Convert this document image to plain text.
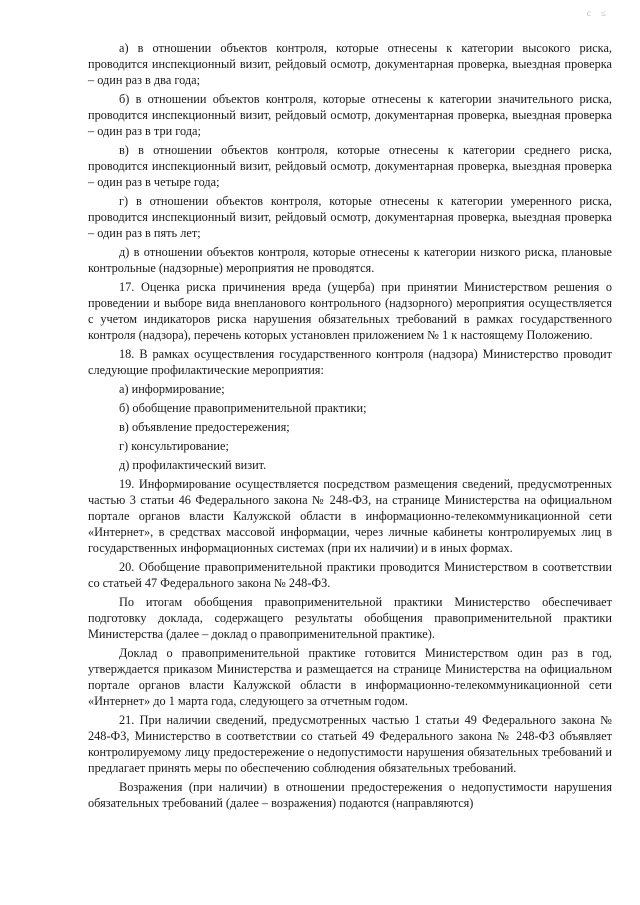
с ≤

а) в отношении объектов контроля, которые отнесены к категории высокого риска, проводится инспекционный визит, рейдовый осмотр, документарная проверка, выездная проверка – один раз в два года;

б) в отношении объектов контроля, которые отнесены к категории значительного риска, проводится инспекционный визит, рейдовый осмотр, документарная проверка, выездная проверка – один раз в три года;

в) в отношении объектов контроля, которые отнесены к категории среднего риска, проводится инспекционный визит, рейдовый осмотр, документарная проверка, выездная проверка – один раз в четыре года;

г) в отношении объектов контроля, которые отнесены к категории умеренного риска, проводится инспекционный визит, рейдовый осмотр, документарная проверка, выездная проверка – один раз в пять лет;

д) в отношении объектов контроля, которые отнесены к категории низкого риска, плановые контрольные (надзорные) мероприятия не проводятся.

17. Оценка риска причинения вреда (ущерба) при принятии Министерством решения о проведении и выборе вида внепланового контрольного (надзорного) мероприятия осуществляется с учетом индикаторов риска нарушения обязательных требований в рамках государственного контроля (надзора), перечень которых установлен приложением № 1 к настоящему Положению.

18. В рамках осуществления государственного контроля (надзора) Министерство проводит следующие профилактические мероприятия:

а) информирование;

б) обобщение правоприменительной практики;

в) объявление предостережения;

г) консультирование;

д) профилактический визит.

19. Информирование осуществляется посредством размещения сведений, предусмотренных частью 3 статьи 46 Федерального закона № 248-ФЗ, на странице Министерства на официальном портале органов власти Калужской области в информационно-телекоммуникационной сети «Интернет», в средствах массовой информации, через личные кабинеты контролируемых лиц в государственных информационных системах (при их наличии) и в иных формах.

20. Обобщение правоприменительной практики проводится Министерством в соответствии со статьей 47 Федерального закона № 248-ФЗ.

По итогам обобщения правоприменительной практики Министерство обеспечивает подготовку доклада, содержащего результаты обобщения правоприменительной практики Министерства (далее – доклад о правоприменительной практике).

Доклад о правоприменительной практике готовится Министерством один раз в год, утверждается приказом Министерства и размещается на странице Министерства на официальном портале органов власти Калужской области в информационно-телекоммуникационной сети «Интернет» до 1 марта года, следующего за отчетным годом.

21. При наличии сведений, предусмотренных частью 1 статьи 49 Федерального закона № 248-ФЗ, Министерство в соответствии со статьей 49 Федерального закона № 248-ФЗ объявляет контролируемому лицу предостережение о недопустимости нарушения обязательных требований и предлагает принять меры по обеспечению соблюдения обязательных требований.

Возражения (при наличии) в отношении предостережения о недопустимости нарушения обязательных требований (далее – возражения) подаются (направляются)
